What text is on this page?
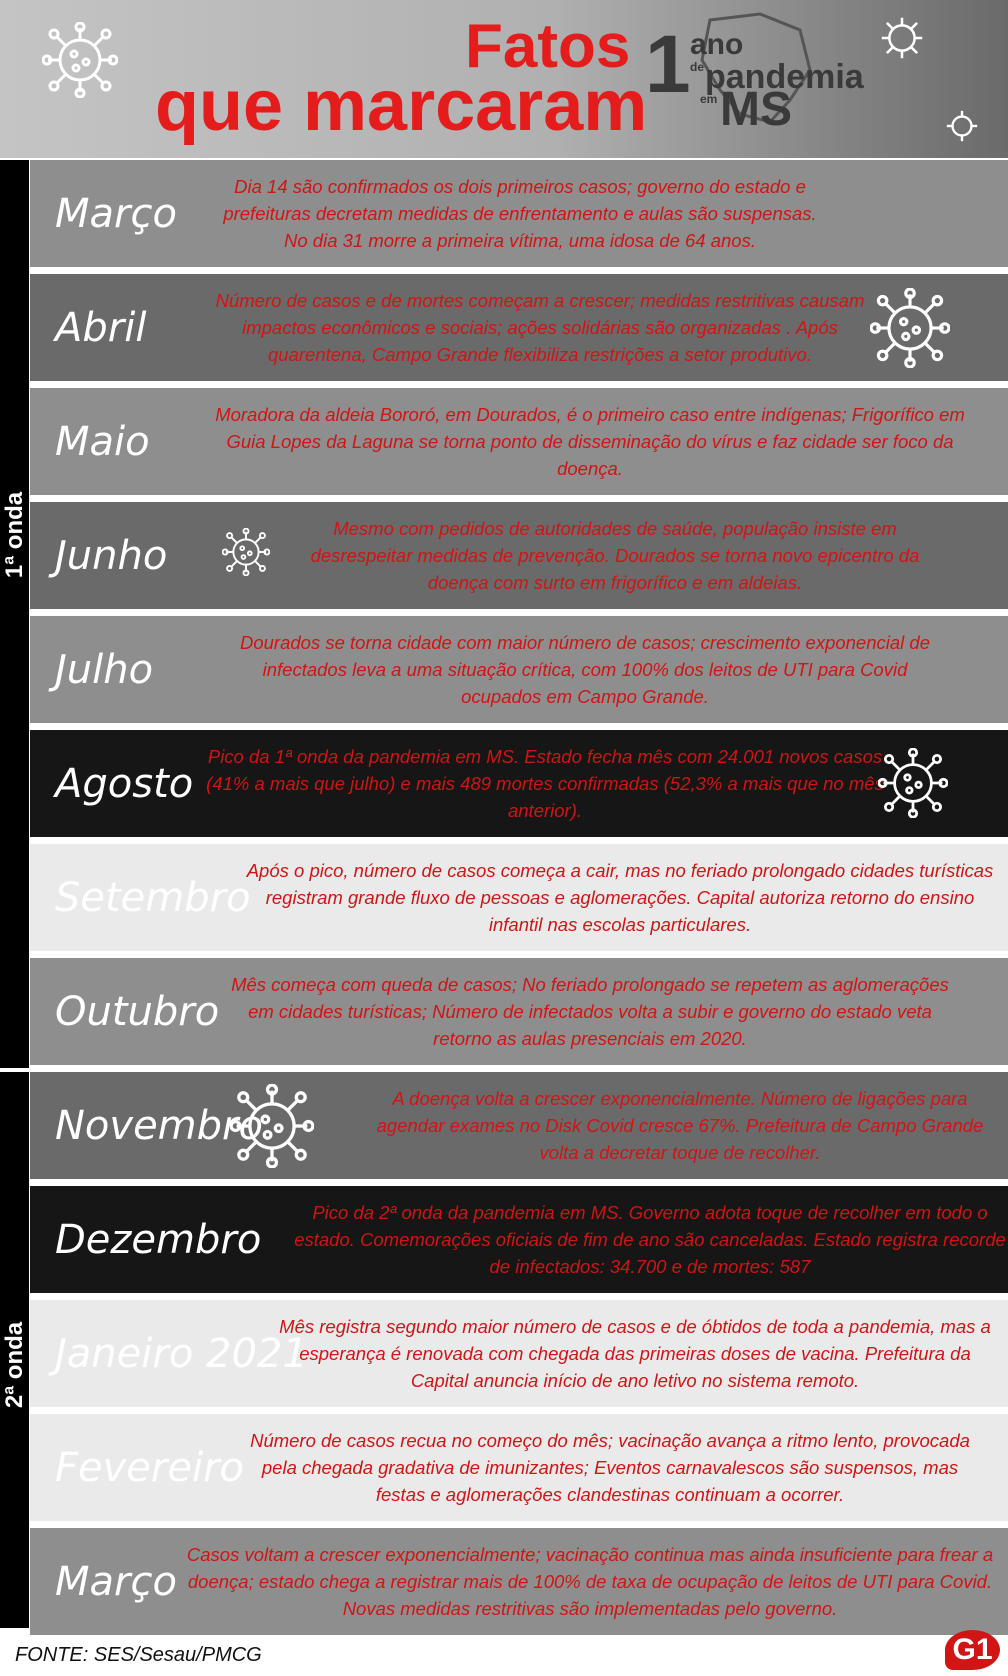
Fatos
que marcaram
1 ano
de pandemia
em MS
1ª onda
2ª onda
Março

Dia 14 são confirmados os dois primeiros casos; governo do estado e prefeituras decretam medidas de enfrentamento e aulas são suspensas. No dia 31 morre a primeira vítima, uma idosa de 64 anos.

Abril

Número de casos e de mortes começam a crescer; medidas restritivas causam impactos econômicos e sociais; ações solidárias são organizadas . Após quarentena, Campo Grande flexibiliza restrições a setor produtivo.

Maio

Moradora da aldeia Bororó, em Dourados, é o primeiro caso entre indígenas; Frigorífico em Guia Lopes da Laguna se torna ponto de disseminação do vírus e faz cidade ser foco da doença.

Junho

Mesmo com pedidos de autoridades de saúde, população insiste em desrespeitar medidas de prevenção. Dourados se torna novo epicentro da doença com surto em frigorífico e em aldeias.

Julho

Dourados se torna cidade com maior número de casos; crescimento exponencial de infectados leva a uma situação crítica, com 100% dos leitos de UTI para Covid ocupados em Campo Grande.

Agosto

Pico da 1ª onda da pandemia em MS. Estado fecha mês com 24.001 novos casos (41% a mais que julho) e mais 489 mortes confirmadas (52,3% a mais que no mês anterior).

Setembro

Após o pico, número de casos começa a cair, mas no feriado prolongado cidades turísticas registram grande fluxo de pessoas e aglomerações. Capital autoriza retorno do ensino infantil nas escolas particulares.

Outubro

Mês começa com queda de casos; No feriado prolongado se repetem as aglomerações em cidades turísticas; Número de infectados volta a subir e governo do estado veta retorno as aulas presenciais em 2020.

Novembro

A doença volta a crescer exponencialmente. Número de ligações para agendar exames no Disk Covid cresce 67%. Prefeitura de Campo Grande volta a decretar toque de recolher.

Dezembro

Pico da 2ª onda da pandemia em MS. Governo adota toque de recolher em todo o estado. Comemorações oficiais de fim de ano são canceladas. Estado registra recorde de infectados: 34.700 e de mortes: 587

Janeiro 2021

Mês registra segundo maior número de casos e de óbtidos de toda a pandemia, mas a esperança é renovada com chegada das primeiras doses de vacina. Prefeitura da Capital anuncia início de ano letivo no sistema remoto.

Fevereiro

Número de casos recua no começo do mês; vacinação avança a ritmo lento, provocada pela chegada gradativa de imunizantes; Eventos carnavalescos são suspensos, mas festas e aglomerações clandestinas continuam a ocorrer.

Março

Casos voltam a crescer exponencialmente; vacinação continua mas ainda insuficiente para frear a doença; estado chega a registrar mais de 100% de taxa de ocupação de leitos de UTI para Covid. Novas medidas restritivas são implementadas pelo governo.

FONTE: SES/Sesau/PMCG	G1
